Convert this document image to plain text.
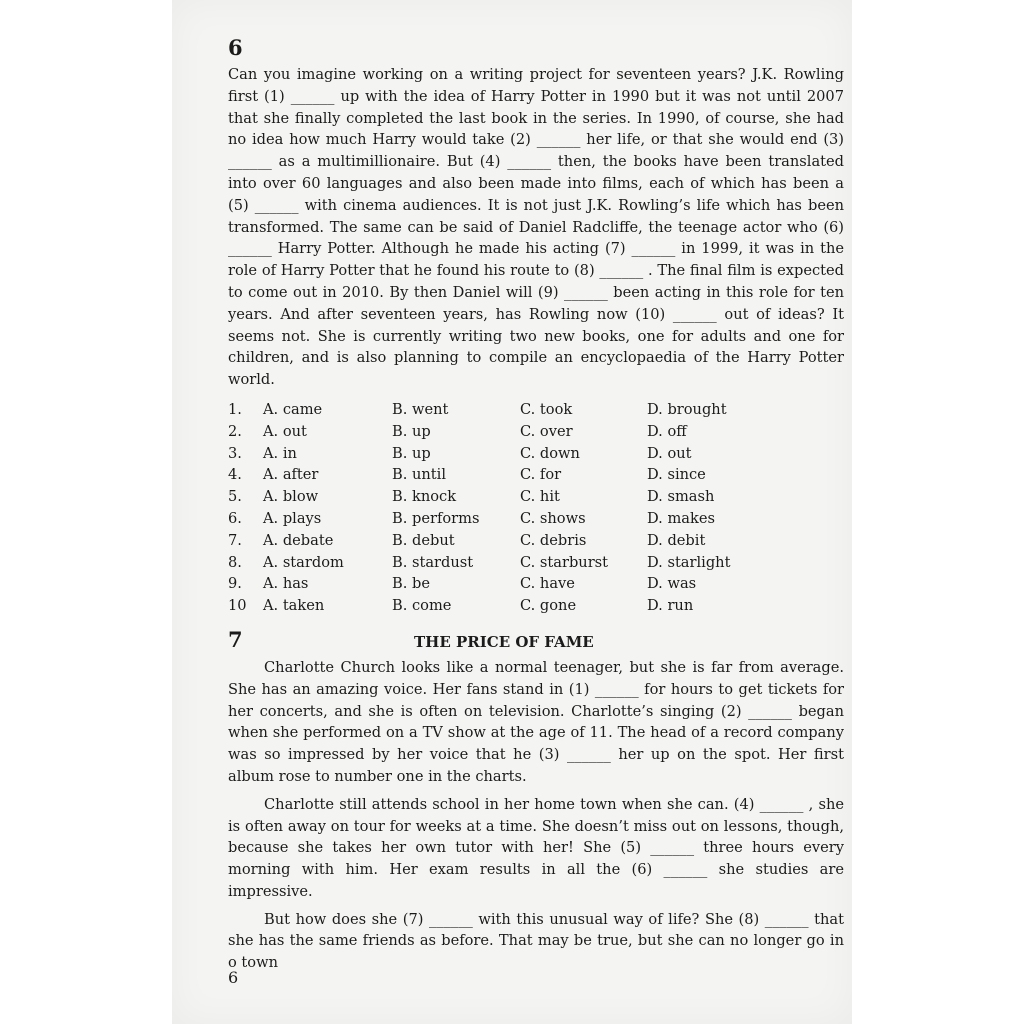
6

Can you imagine working on a writing project for seventeen years? J.K. Rowling first (1) ______ up with the idea of Harry Potter in 1990 but it was not until 2007 that she finally completed the last book in the series. In 1990, of course, she had no idea how much Harry would take (2) ______ her life, or that she would end (3) ______ as a multimillionaire. But (4) ______ then, the books have been translated into over 60 languages and also been made into films, each of which has been a (5) ______ with cinema audiences. It is not just J.K. Rowling’s life which has been transformed. The same can be said of Daniel Radcliffe, the teenage actor who (6) ______ Harry Potter. Although he made his acting (7) ______ in 1999, it was in the role of Harry Potter that he found his route to (8) ______ . The final film is expected to come out in 2010. By then Daniel will (9) ______ been acting in this role for ten years. And after seventeen years, has Rowling now (10) ______ out of ideas? It seems not. She is currently writing two new books, one for adults and one for children, and is also planning to compile an encyclopaedia of the Harry Potter world.

1.	A. came	B. went	C. took	D. brought
2.	A. out	B. up	C. over	D. off
3.	A. in	B. up	C. down	D. out
4.	A. after	B. until	C. for	D. since
5.	A. blow	B. knock	C. hit	D. smash
6.	A. plays	B. performs	C. shows	D. makes
7.	A. debate	B. debut	C. debris	D. debit
8.	A. stardom	B. stardust	C. starburst	D. starlight
9.	A. has	B. be	C. have	D. was
10	A. taken	B. come	C. gone	D. run
7	THE PRICE OF FAME

Charlotte Church looks like a normal teenager, but she is far from average. She has an amazing voice. Her fans stand in (1) ______ for hours to get tickets for her concerts, and she is often on television. Charlotte’s singing (2) ______ began when she performed on a TV show at the age of 11. The head of a record company was so impressed by her voice that he (3) ______ her up on the spot. Her first album rose to number one in the charts.

Charlotte still attends school in her home town when she can. (4) ______ , she is often away on tour for weeks at a time. She doesn’t miss out on lessons, though, because she takes her own tutor with her! She (5) ______ three hours every morning with him. Her exam results in all the (6) ______ she studies are impressive.

But how does she (7) ______ with this unusual way of life? She (8) ______ that she has the same friends as before. That may be true, but she can no longer go in o town

6
